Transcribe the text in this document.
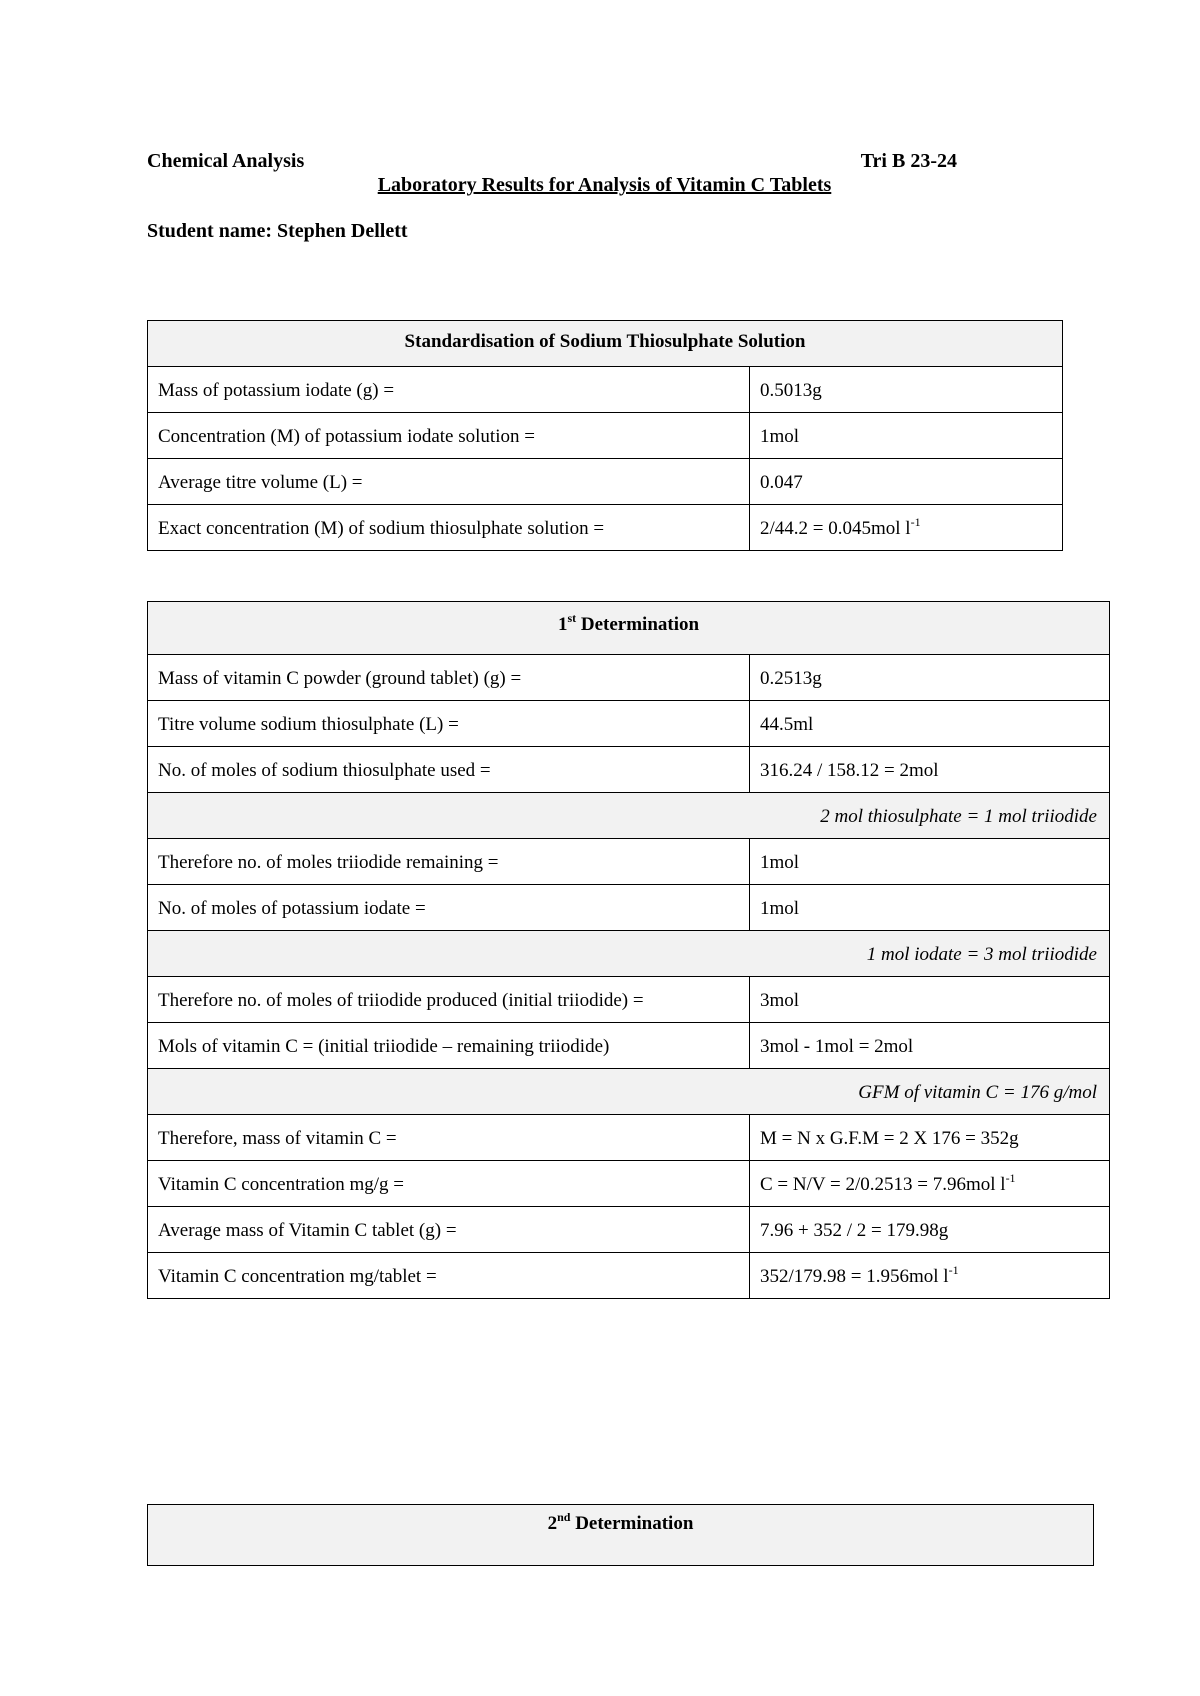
Chemical Analysis	Tri B 23-24
Laboratory Results for Analysis of Vitamin C Tablets
Student name: Stephen Dellett
Standardisation of Sodium Thiosulphate Solution	
Mass of potassium iodate (g) =	0.5013g
Concentration (M) of potassium iodate solution =	1mol
Average titre volume (L) =	0.047
Exact concentration (M) of sodium thiosulphate solution =	2/44.2 = 0.045mol $l^{-1}$
1st Determination	
Mass of vitamin C powder (ground tablet) (g) =	0.2513g
Titre volume sodium thiosulphate (L) =	44.5ml
No. of moles of sodium thiosulphate used =	316.24 / 158.12 = 2mol
2 mol thiosulphate = 1 mol triiodide	
Therefore no. of moles triiodide remaining =	1mol
No. of moles of potassium iodate =	1mol
1 mol iodate = 3 mol triiodide	
Therefore no. of moles of triiodide produced (initial triiodide) =	3mol
Mols of vitamin C = (initial triiodide – remaining triiodide)	3mol - 1mol = 2mol
GFM of vitamin C = 176 g/mol	
Therefore, mass of vitamin C =	M = N x G.F.M = 2 X 176 = 352g
Vitamin C concentration mg/g =	C = N/V = 2/0.2513 = 7.96mol $l^{-1}$
Average mass of Vitamin C tablet (g) =	7.96 + 352 / 2 = 179.98g
Vitamin C concentration mg/tablet =	352/179.98 = 1.956mol $l^{-1}$
2nd Determination
